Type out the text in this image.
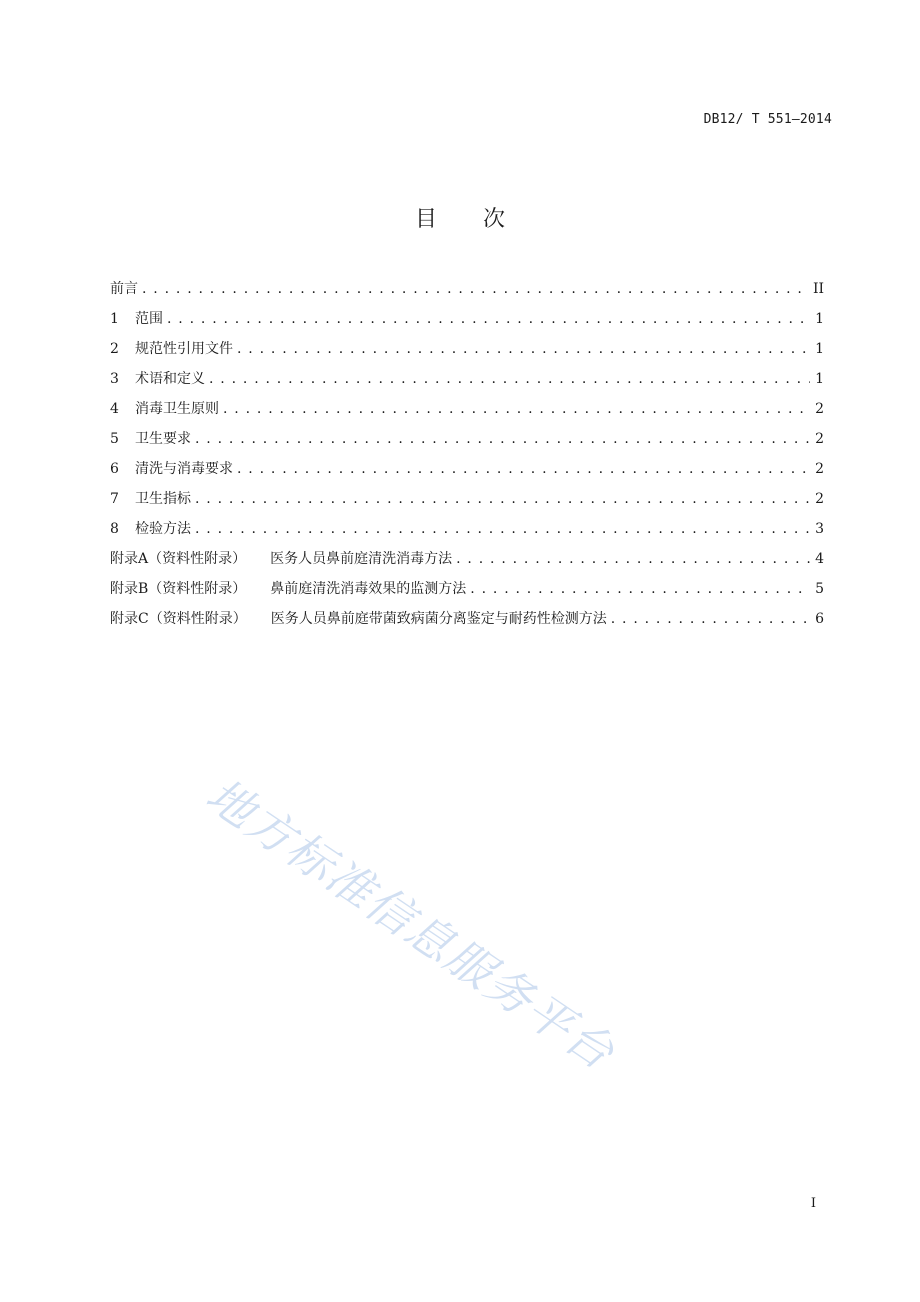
DB12/ T 551—2014
目 次
前言 . . .	II
1	范围 . . .	1
2	规范性引用文件 . . .	1
3	术语和定义 . . .	1
4	消毒卫生原则 . . .	2
5	卫生要求 . . .	2
6	清洗与消毒要求 . . .	2
7	卫生指标 . . .	2
8	检验方法 . . .	3
附录A（资料性附录） 医务人员鼻前庭清洗消毒方法 . . .	4
附录B（资料性附录） 鼻前庭清洗消毒效果的监测方法 . . .	5
附录C（资料性附录） 医务人员鼻前庭带菌致病菌分离鉴定与耐药性检测方法 . . .	6
地方标准信息服务平台
I
